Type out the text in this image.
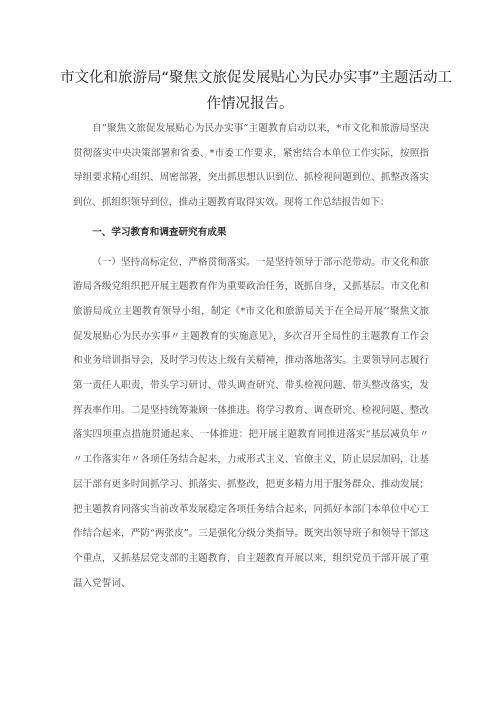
市文化和旅游局“聚焦文旅促发展贴心为民办实事”主题活动工
作情况报告。

自”聚焦文旅促发展贴心为民办实事”主题教育启动以来，*市文化和旅游局坚决贯彻落实中央决策部署和省委、*市委工作要求，紧密结合本单位工作实际，按照指导组要求精心组织、周密部署，突出抓思想认识到位、抓检视问题到位、抓整改落实到位、抓组织领导到位，推动主题教育取得实效。现将工作总结报告如下：

一、学习教育和调查研究有成果

（一）坚持高标定位，严格贯彻落实。一是坚持领导于部示范带动。市文化和旅游局各级党组织把开展主题教育作为重要政治任务，既抓自身，又抓基层。市文化和旅游局成立主题教育领导小组，制定《*市文化和旅游局关于在全局开展’’聚焦文旅促发展贴心为民办实事〃主题教育的实施意见》，多次召开全局性的主题教育工作会和业务培训指导会，及时学习传达上级有关精神，推动落地落实。主要领导同志履行第一责任人职责，带头学习研讨、带头调查研究、带头检视问题、带头整改落实，发挥表率作用。二是坚持统筹兼顾一体推进。将学习教育、调查研究、检视问题、整改落实四项重点措施贯通起来、一体推进：把开展主题教育同推进落实“基层减负年〃〃工作落实年〃各项任务结合起来，力戒形式主义、官僚主义，防止层层加码，让基层干部有更多时间抓学习、抓落实、抓整改，把更多精力用于服务群众、推动发展；把主题教育同落实当前改革发展稳定各项任务结合起来，同抓好本部门本单位中心工作结合起来，严防“两张皮”。三是强化分级分类指导。既突出领导班子和领导干部这个重点，又抓基层党支部的主题教育，自主题教育开展以来，组织党员干部开展了重温入党誓词、
